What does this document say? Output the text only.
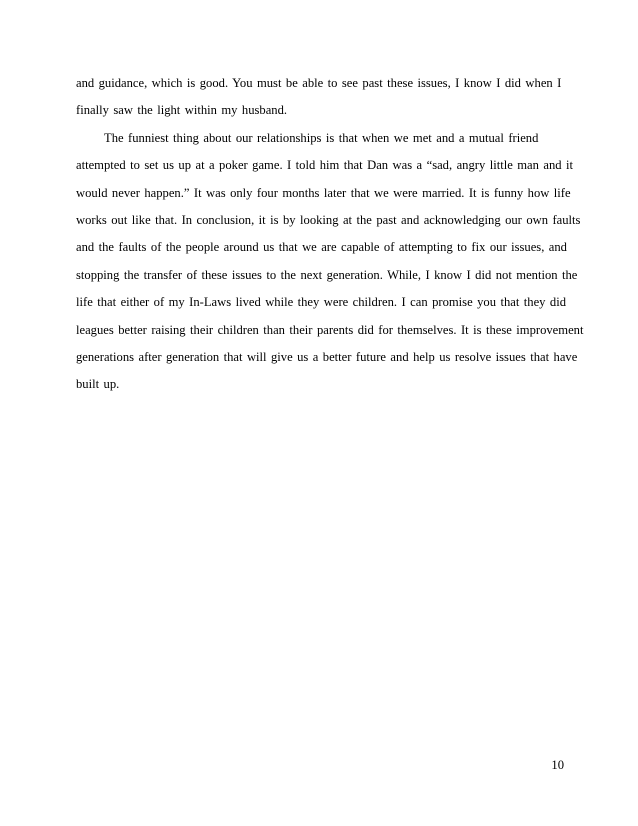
and guidance, which is good. You must be able to see past these issues, I know I did when I
finally saw the light within my husband.
The funniest thing about our relationships is that when we met and a mutual friend
attempted to set us up at a poker game. I told him that Dan was a “sad, angry little man and it
would never happen.” It was only four months later that we were married. It is funny how life
works out like that. In conclusion, it is by looking at the past and acknowledging our own faults
and the faults of the people around us that we are capable of attempting to fix our issues, and
stopping the transfer of these issues to the next generation. While, I know I did not mention the
life that either of my In-Laws lived while they were children. I can promise you that they did
leagues better raising their children than their parents did for themselves. It is these improvement
generations after generation that will give us a better future and help us resolve issues that have
built up.
10
